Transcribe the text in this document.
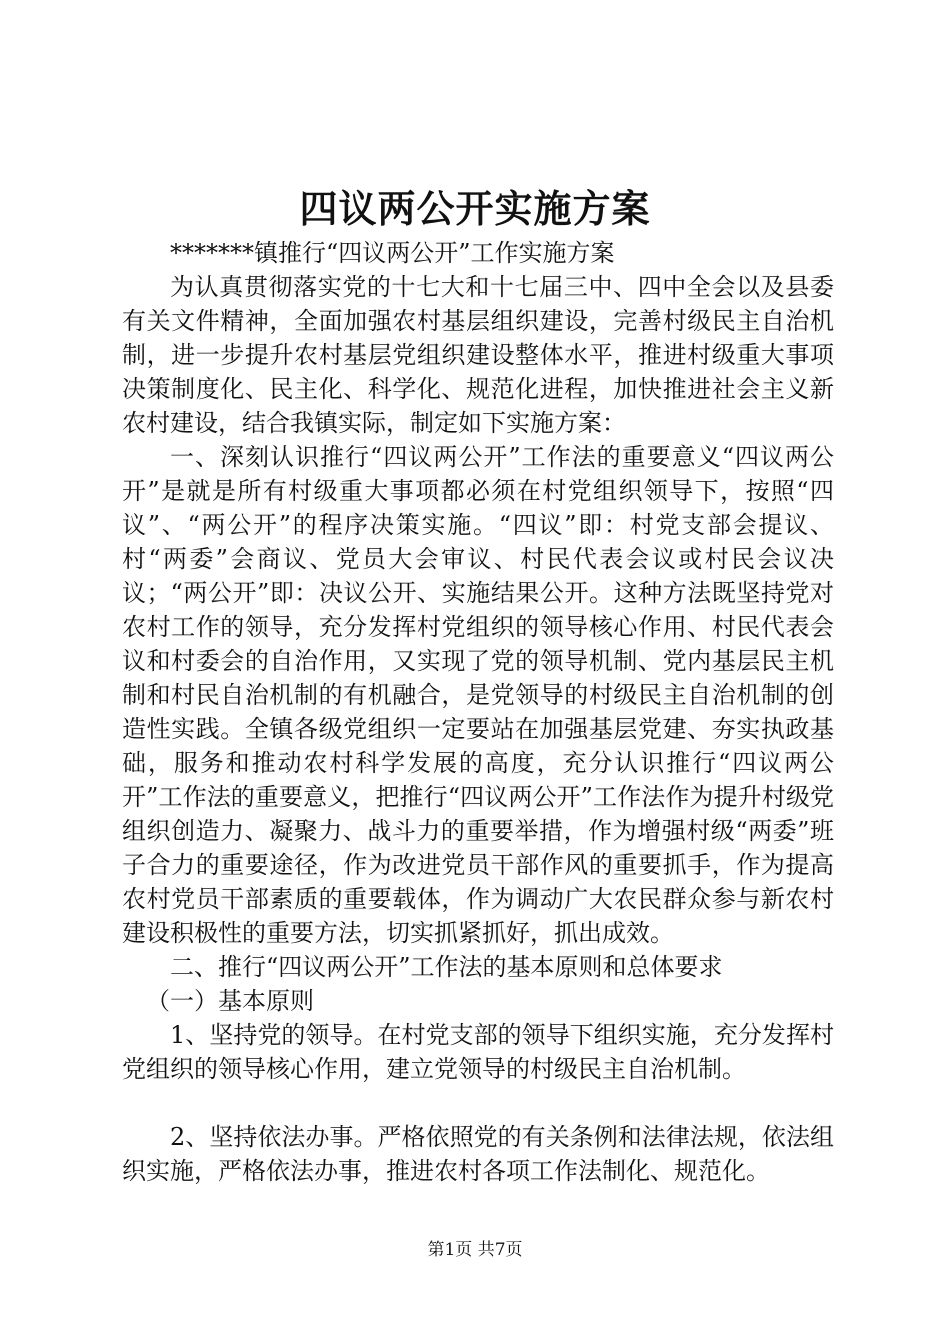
四议两公开实施方案

*******镇推行“四议两公开”工作实施方案

为认真贯彻落实党的十七大和十七届三中、四中全会以及县委有关文件精神，全面加强农村基层组织建设，完善村级民主自治机制，进一步提升农村基层党组织建设整体水平，推进村级重大事项决策制度化、民主化、科学化、规范化进程，加快推进社会主义新农村建设，结合我镇实际，制定如下实施方案：

一、深刻认识推行“四议两公开”工作法的重要意义“四议两公开”是就是所有村级重大事项都必须在村党组织领导下，按照“四议”、“两公开”的程序决策实施。“四议”即：村党支部会提议、村“两委”会商议、党员大会审议、村民代表会议或村民会议决议；“两公开”即：决议公开、实施结果公开。这种方法既坚持党对农村工作的领导，充分发挥村党组织的领导核心作用、村民代表会议和村委会的自治作用，又实现了党的领导机制、党内基层民主机制和村民自治机制的有机融合，是党领导的村级民主自治机制的创造性实践。全镇各级党组织一定要站在加强基层党建、夯实执政基础，服务和推动农村科学发展的高度，充分认识推行“四议两公开”工作法的重要意义，把推行“四议两公开”工作法作为提升村级党组织创造力、凝聚力、战斗力的重要举措，作为增强村级“两委”班子合力的重要途径，作为改进党员干部作风的重要抓手，作为提高农村党员干部素质的重要载体，作为调动广大农民群众参与新农村建设积极性的重要方法，切实抓紧抓好，抓出成效。

二、推行“四议两公开”工作法的基本原则和总体要求

（一）基本原则

1、坚持党的领导。在村党支部的领导下组织实施，充分发挥村党组织的领导核心作用，建立党领导的村级民主自治机制。

2、坚持依法办事。严格依照党的有关条例和法律法规，依法组织实施，严格依法办事，推进农村各项工作法制化、规范化。

第1页 共7页
